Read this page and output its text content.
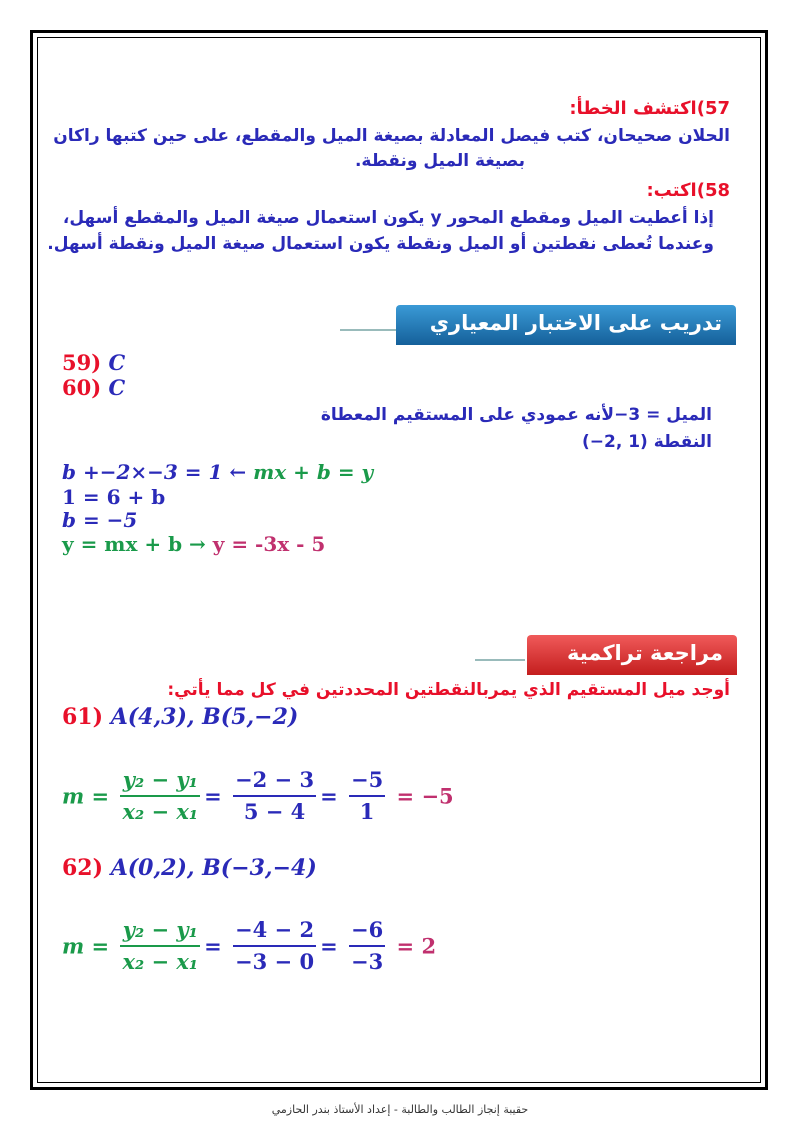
57)اكتشف الخطأ:
الحلان صحيحان، كتب فيصل المعادلة بصيغة الميل والمقطع، على حين كتبها راكان
بصيغة الميل ونقطة.
58)اكتب:
إذا أعطيت الميل ومقطع المحور y يكون استعمال صيغة الميل والمقطع أسهل،
وعندما تُعطى نقطتين أو الميل ونقطة يكون استعمال صيغة الميل ونقطة أسهل.
تدريب على الاختبار المعياري
59) C
60) C
الميل = 3−لأنه عمودي على المستقيم المعطاة
النقطة (1 ,2−)
b +−2×−3 = 1 ← mx + b = y
1 = 6 + b
b = −5
y = mx + b → y = -3x - 5
مراجعة تراكمية
أوجد ميل المستقيم الذي يمربالنقطتين المحددتين في كل مما يأتي:
61) A(4,3), B(5,−2)
$m = \frac{\text{y₂ − y₁}}{\text{x₂ − x₁}} = \frac{-2 - 3}{5 - 4} = \frac{-5}{1} = -5$
62) A(0,2), B(−3,−4)
$m = \frac{\text{y₂ − y₁}}{\text{x₂ − x₁}} = \frac{-4 - 2}{-3 - 0} = \frac{-6}{-3} = 2$
حقيبة إنجاز الطالب والطالبة - إعداد الأستاذ بندر الحازمي
